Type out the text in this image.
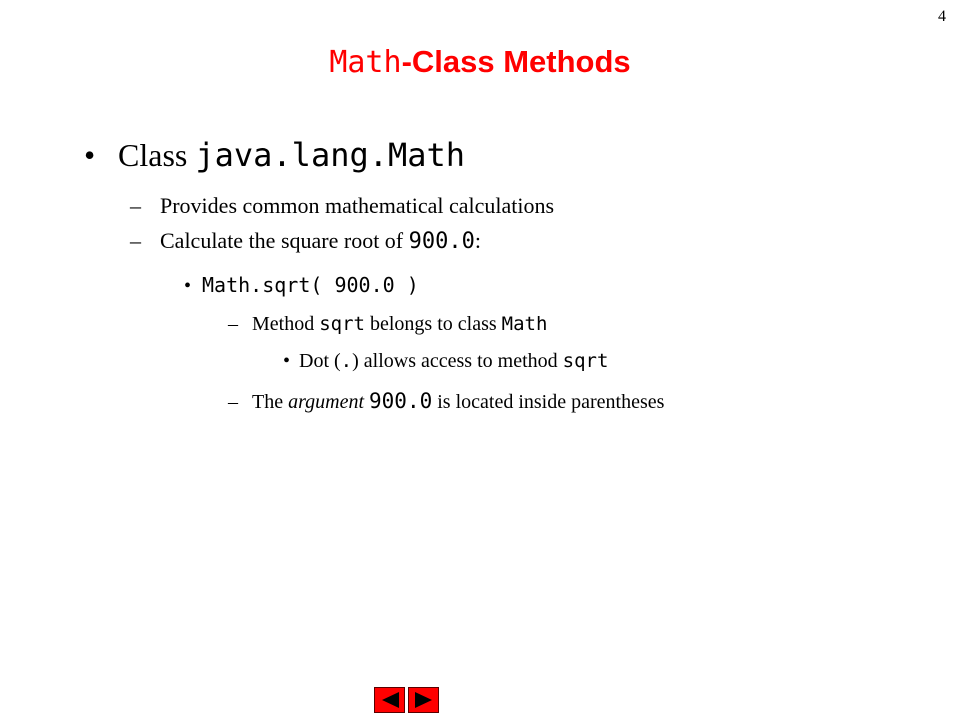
4
Math-Class Methods
• Class java.lang.Math
– Provides common mathematical calculations
– Calculate the square root of 900.0:
• Math.sqrt( 900.0 )
– Method sqrt belongs to class Math
• Dot (.) allows access to method sqrt
– The argument 900.0 is located inside parentheses
